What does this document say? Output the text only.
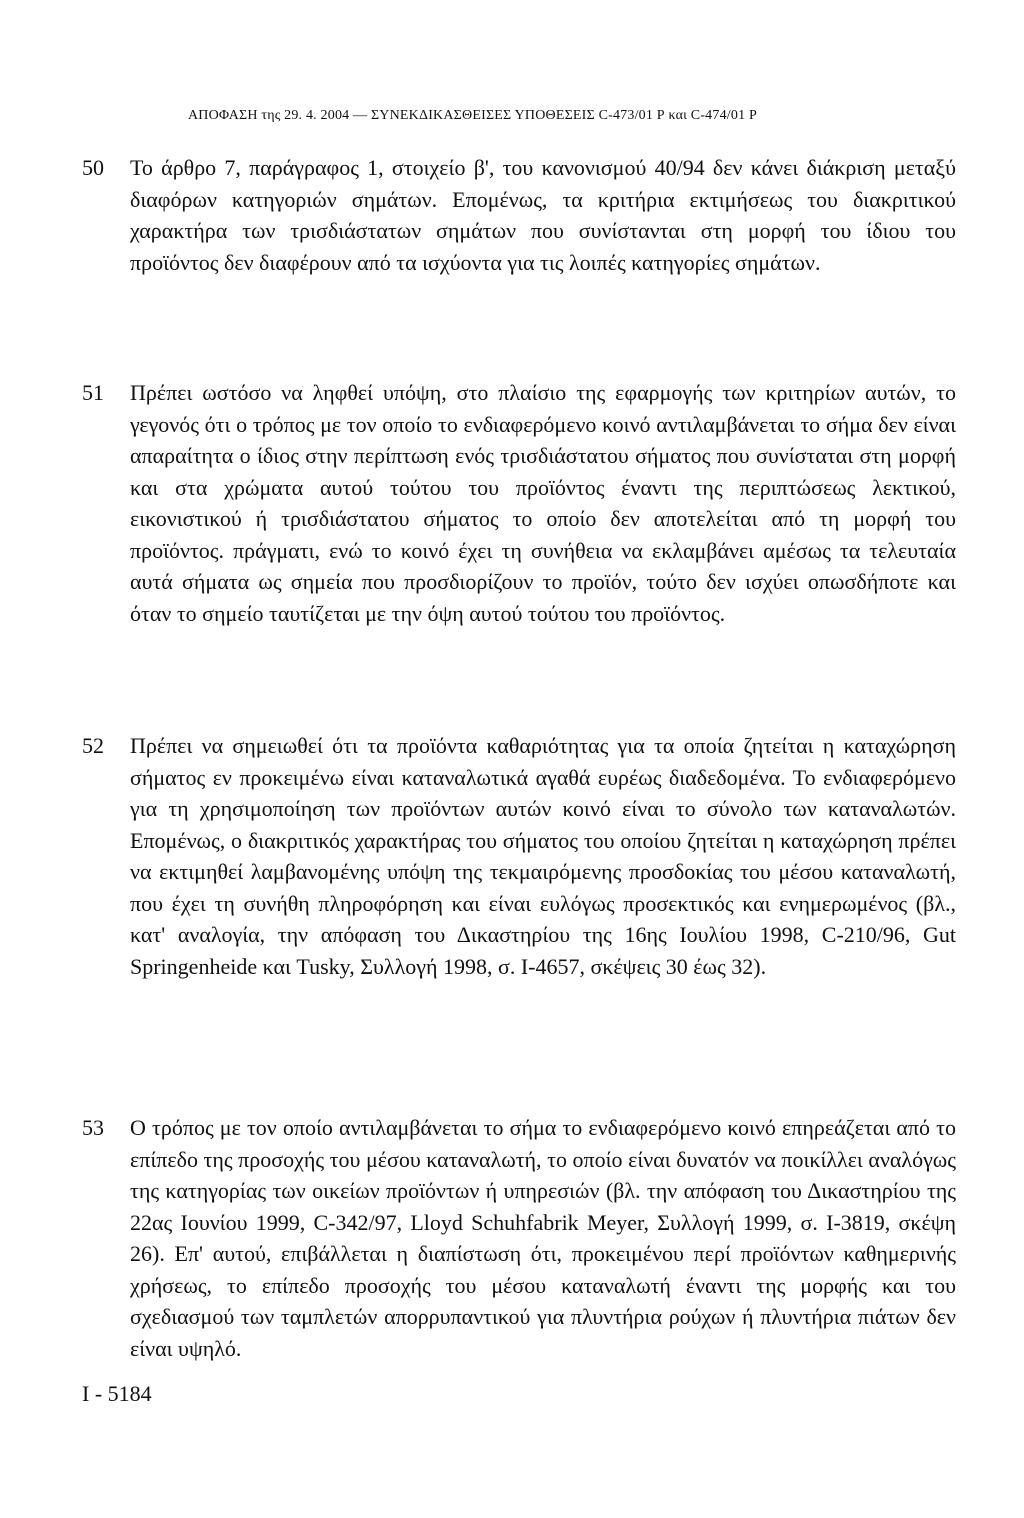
ΑΠΟΦΑΣΗ της 29. 4. 2004 — ΣΥΝΕΚΔΙΚΑΣΘΕΙΣΕΣ ΥΠΟΘΕΣΕΙΣ C-473/01 Ρ και C-474/01 Ρ
50	Το άρθρο 7, παράγραφος 1, στοιχείο β', του κανονισμού 40/94 δεν κάνει διάκριση μεταξύ διαφόρων κατηγοριών σημάτων. Επομένως, τα κριτήρια εκτιμήσεως του διακριτικού χαρακτήρα των τρισδιάστατων σημάτων που συνίστανται στη μορφή του ίδιου του προϊόντος δεν διαφέρουν από τα ισχύοντα για τις λοιπές κατηγορίες σημάτων.
51	Πρέπει ωστόσο να ληφθεί υπόψη, στο πλαίσιο της εφαρμογής των κριτηρίων αυτών, το γεγονός ότι ο τρόπος με τον οποίο το ενδιαφερόμενο κοινό αντιλαμβάνεται το σήμα δεν είναι απαραίτητα ο ίδιος στην περίπτωση ενός τρισδιάστατου σήματος που συνίσταται στη μορφή και στα χρώματα αυτού τούτου του προϊόντος έναντι της περιπτώσεως λεκτικού, εικονιστικού ή τρισδιάστατου σήματος το οποίο δεν αποτελείται από τη μορφή του προϊόντος. πράγματι, ενώ το κοινό έχει τη συνήθεια να εκλαμβάνει αμέσως τα τελευταία αυτά σήματα ως σημεία που προσδιορίζουν το προϊόν, τούτο δεν ισχύει οπωσδήποτε και όταν το σημείο ταυτίζεται με την όψη αυτού τούτου του προϊόντος.
52	Πρέπει να σημειωθεί ότι τα προϊόντα καθαριότητας για τα οποία ζητείται η καταχώρηση σήματος εν προκειμένω είναι καταναλωτικά αγαθά ευρέως διαδεδομένα. Το ενδιαφερόμενο για τη χρησιμοποίηση των προϊόντων αυτών κοινό είναι το σύνολο των καταναλωτών. Επομένως, ο διακριτικός χαρακτήρας του σήματος του οποίου ζητείται η καταχώρηση πρέπει να εκτιμηθεί λαμβανομένης υπόψη της τεκμαιρόμενης προσδοκίας του μέσου καταναλωτή, που έχει τη συνήθη πληροφόρηση και είναι ευλόγως προσεκτικός και ενημερωμένος (βλ., κατ' αναλογία, την απόφαση του Δικαστηρίου της 16ης Ιουλίου 1998, C-210/96, Gut Springenheide και Tusky, Συλλογή 1998, σ. I-4657, σκέψεις 30 έως 32).
53	Ο τρόπος με τον οποίο αντιλαμβάνεται το σήμα το ενδιαφερόμενο κοινό επηρεάζεται από το επίπεδο της προσοχής του μέσου καταναλωτή, το οποίο είναι δυνατόν να ποικίλλει αναλόγως της κατηγορίας των οικείων προϊόντων ή υπηρεσιών (βλ. την απόφαση του Δικαστηρίου της 22ας Ιουνίου 1999, C-342/97, Lloyd Schuhfabrik Meyer, Συλλογή 1999, σ. I-3819, σκέψη 26). Επ' αυτού, επιβάλλεται η διαπίστωση ότι, προκειμένου περί προϊόντων καθημερινής χρήσεως, το επίπεδο προσοχής του μέσου καταναλωτή έναντι της μορφής και του σχεδιασμού των ταμπλετών απορρυπαντικού για πλυντήρια ρούχων ή πλυντήρια πιάτων δεν είναι υψηλό.
I - 5184
